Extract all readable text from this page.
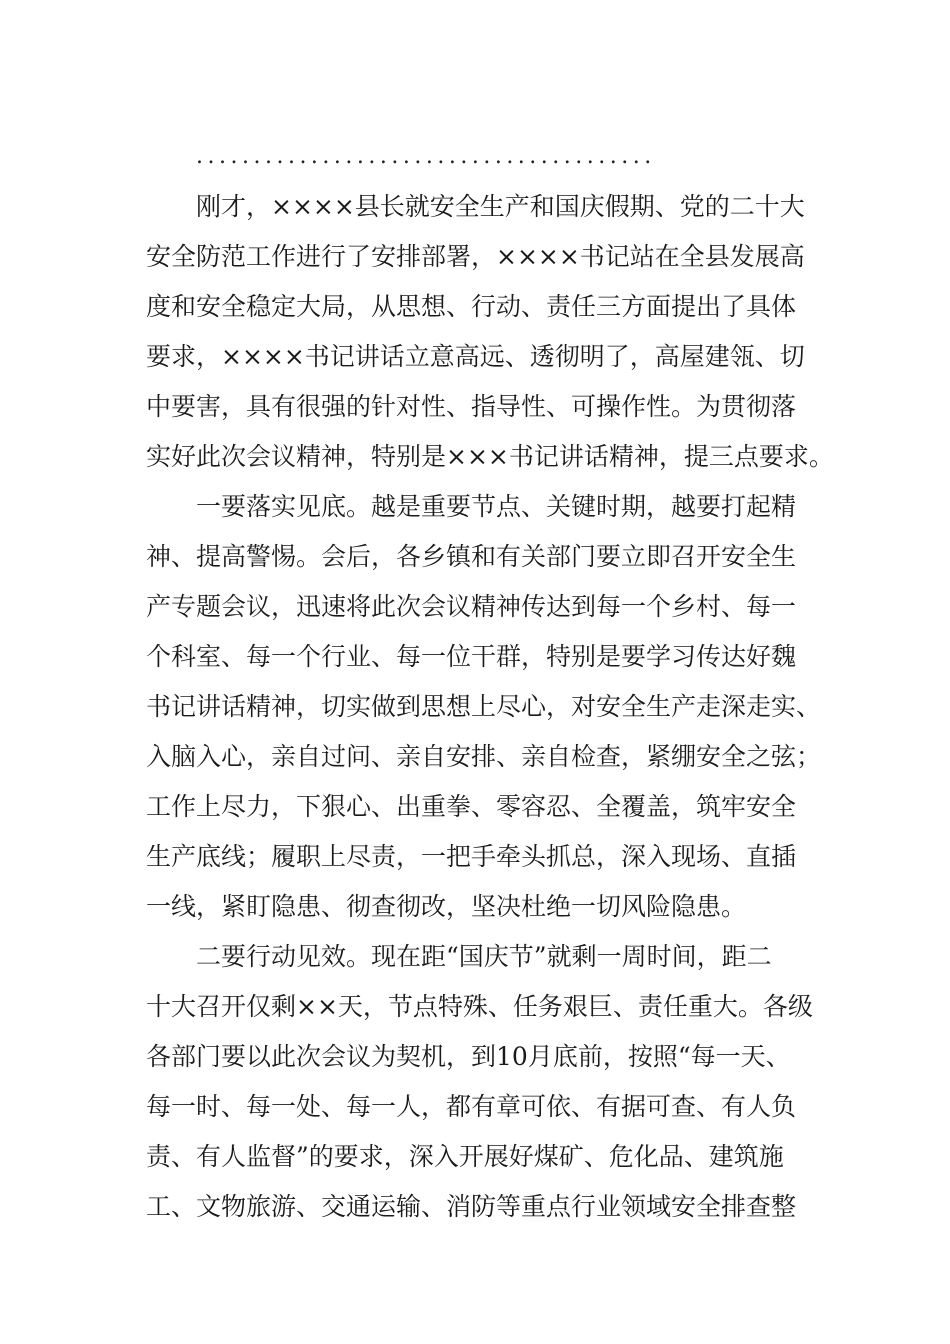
........................................
刚才，××××县长就安全生产和国庆假期、党的二十大
安全防范工作进行了安排部署，××××书记站在全县发展高
度和安全稳定大局，从思想、行动、责任三方面提出了具体
要求，××××书记讲话立意高远、透彻明了，高屋建瓴、切
中要害，具有很强的针对性、指导性、可操作性。为贯彻落
实好此次会议精神，特别是×××书记讲话精神，提三点要求。
一要落实见底。越是重要节点、关键时期，越要打起精
神、提高警惕。会后，各乡镇和有关部门要立即召开安全生
产专题会议，迅速将此次会议精神传达到每一个乡村、每一
个科室、每一个行业、每一位干群，特别是要学习传达好魏
书记讲话精神，切实做到思想上尽心，对安全生产走深走实、
入脑入心，亲自过问、亲自安排、亲自检查，紧绷安全之弦；
工作上尽力，下狠心、出重拳、零容忍、全覆盖，筑牢安全
生产底线；履职上尽责，一把手牵头抓总，深入现场、直插
一线，紧盯隐患、彻查彻改，坚决杜绝一切风险隐患。
二要行动见效。现在距“国庆节”就剩一周时间，距二
十大召开仅剩××天，节点特殊、任务艰巨、责任重大。各级
各部门要以此次会议为契机，到10月底前，按照“每一天、
每一时、每一处、每一人，都有章可依、有据可查、有人负
责、有人监督”的要求，深入开展好煤矿、危化品、建筑施
工、文物旅游、交通运输、消防等重点行业领域安全排查整
